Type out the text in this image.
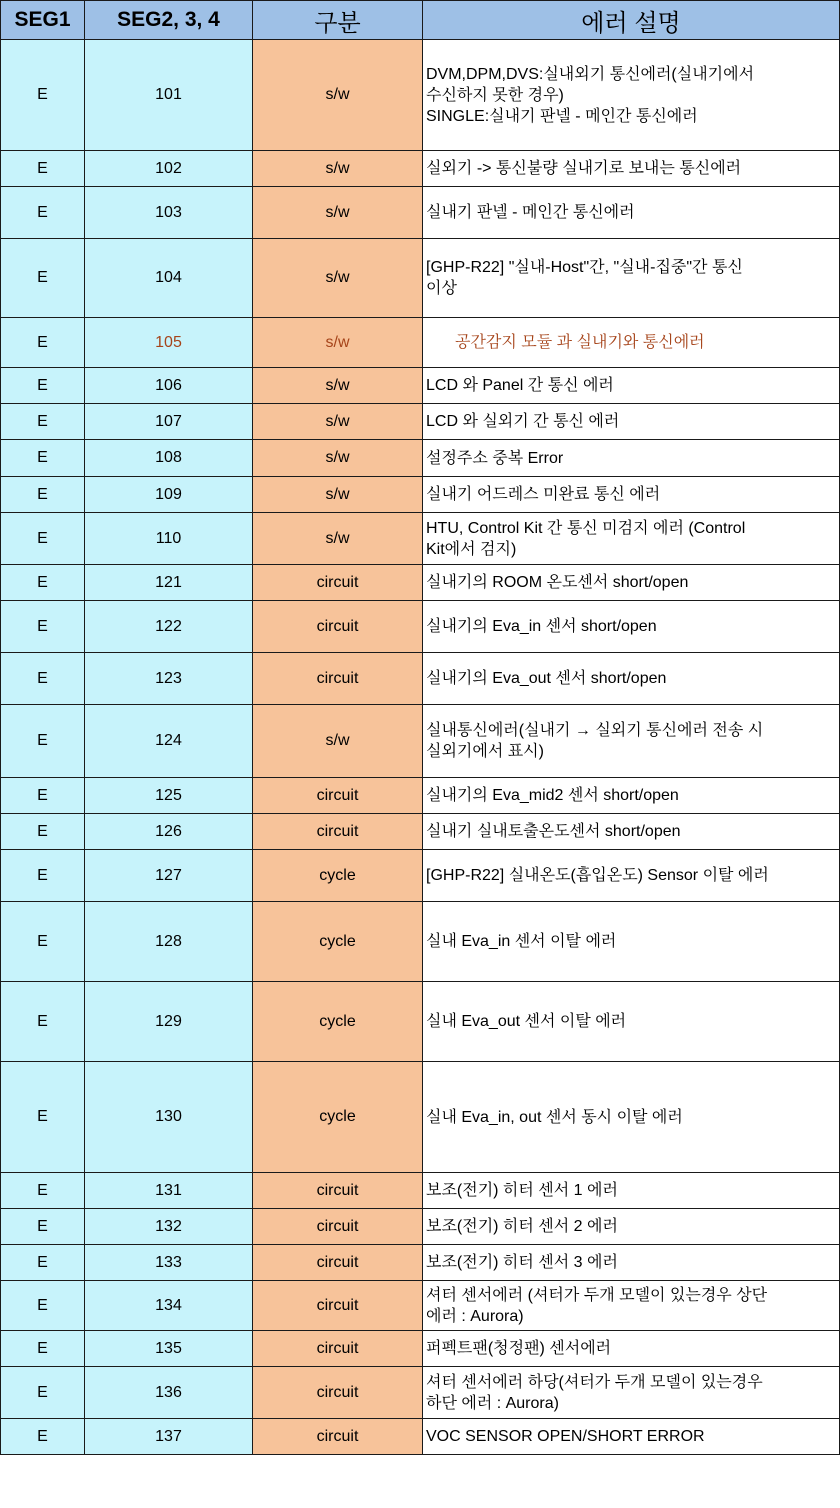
SEG1	SEG2, 3, 4	구분	에러 설명
E	101	s/w	DVM,DPM,DVS:실내외기 통신에러(실내기에서
수신하지 못한 경우)
SINGLE:실내기 판넬 - 메인간 통신에러
E	102	s/w	실외기 -> 통신불량 실내기로 보내는 통신에러
E	103	s/w	실내기 판넬 - 메인간 통신에러
E	104	s/w	[GHP-R22] "실내-Host"간, "실내-집중"간 통신
이상
E	105	s/w	공간감지 모듈 과 실내기와 통신에러
E	106	s/w	LCD 와 Panel 간 통신 에러
E	107	s/w	LCD 와 실외기 간 통신 에러
E	108	s/w	설정주소 중복 Error
E	109	s/w	실내기 어드레스 미완료 통신 에러
E	110	s/w	HTU, Control Kit 간 통신 미검지 에러 (Control
Kit에서 검지)
E	121	circuit	실내기의 ROOM 온도센서 short/open
E	122	circuit	실내기의 Eva_in 센서 short/open
E	123	circuit	실내기의 Eva_out 센서 short/open
E	124	s/w	실내통신에러(실내기 → 실외기 통신에러 전송 시
실외기에서 표시)
E	125	circuit	실내기의 Eva_mid2 센서 short/open
E	126	circuit	실내기 실내토출온도센서 short/open
E	127	cycle	[GHP-R22] 실내온도(흡입온도) Sensor 이탈 에러
E	128	cycle	실내 Eva_in 센서 이탈 에러
E	129	cycle	실내 Eva_out 센서 이탈 에러
E	130	cycle	실내 Eva_in, out 센서 동시 이탈 에러
E	131	circuit	보조(전기) 히터 센서 1 에러
E	132	circuit	보조(전기) 히터 센서 2 에러
E	133	circuit	보조(전기) 히터 센서 3 에러
E	134	circuit	셔터 센서에러 (셔터가 두개 모델이 있는경우 상단
에러 : Aurora)
E	135	circuit	퍼펙트팬(청정팬) 센서에러
E	136	circuit	셔터 센서에러 하당(셔터가 두개 모델이 있는경우
하단 에러 : Aurora)
E	137	circuit	VOC SENSOR OPEN/SHORT ERROR
